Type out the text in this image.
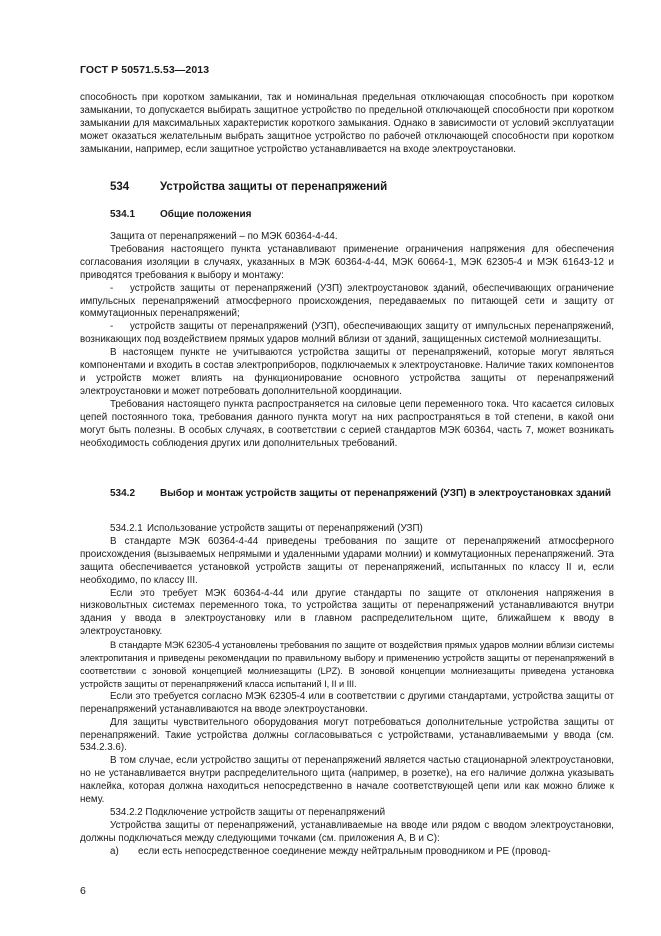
ГОСТ Р 50571.5.53—2013

способность при коротком замыкании, так и номинальная предельная отключающая способность при коротком замыкании, то допускается выбирать защитное устройство по предельной отключающей способности при коротком замыкании для максимальных характеристик короткого замыкания. Однако в зависимости от условий эксплуатации может оказаться желательным выбрать защитное устройство по рабочей отключающей способности при коротком замыкании, например, если защитное устройство устанавливается на входе электроустановки.

534	Устройства защиты от перенапряжений
534.1	Общие положения

Защита от перенапряжений – по МЭК 60364-4-44.

Требования настоящего пункта устанавливают применение ограничения напряжения для обеспечения согласования изоляции в случаях, указанных в МЭК 60364-4-44, МЭК 60664-1, МЭК 62305-4 и МЭК 61643-12 и приводятся требования к выбору и монтажу:

-	устройств защиты от перенапряжений (УЗП) электроустановок зданий, обеспечивающих ограничение импульсных перенапряжений атмосферного происхождения, передаваемых по питающей сети и защиту от коммутационных перенапряжений;
-	устройств защиты от перенапряжений (УЗП), обеспечивающих защиту от импульсных перенапряжений, возникающих под воздействием прямых ударов молний вблизи от зданий, защищенных системой молниезащиты.

В настоящем пункте не учитываются устройства защиты от перенапряжений, которые могут являться компонентами и входить в состав электроприборов, подключаемых к электроустановке. Наличие таких компонентов и устройств может влиять на функционирование основного устройства защиты от перенапряжений электроустановки и может потребовать дополнительной координации.

Требования настоящего пункта распространяется на силовые цепи переменного тока. Что касается силовых цепей постоянного тока, требования данного пункта могут на них распространяться в той степени, в какой они могут быть полезны. В особых случаях, в соответствии с серией стандартов МЭК 60364, часть 7, может возникать необходимость соблюдения других или дополнительных требований.

534.2	Выбор и монтаж устройств защиты от перенапряжений (УЗП) в электроустановках зданий
534.2.1 Использование устройств защиты от перенапряжений (УЗП)

В стандарте МЭК 60364-4-44 приведены требования по защите от перенапряжений атмосферного происхождения (вызываемых непрямыми и удаленными ударами молнии) и коммутационных перенапряжений. Эта защита обеспечивается установкой устройств защиты от перенапряжений, испытанных по классу II и, если необходимо, по классу III.

Если это требует МЭК 60364-4-44 или другие стандарты по защите от отклонения напряжения в низковольтных системах переменного тока, то устройства защиты от перенапряжений устанавливаются внутри здания у ввода в электроустановку или в главном распределительном щите, ближайшем к вводу в электроустановку.

В стандарте МЭК 62305-4 установлены требования по защите от воздействия прямых ударов молнии вблизи системы электропитания и приведены рекомендации по правильному выбору и применению устройств защиты от перенапряжений в соответствии с зоновой концепцией молниезащиты (LPZ). В зоновой концепции молниезащиты приведена установка устройств защиты от перенапряжений класса испытаний I, II и III.

Если это требуется согласно МЭК 62305-4 или в соответствии с другими стандартами, устройства защиты от перенапряжений устанавливаются на вводе электроустановки.

Для защиты чувствительного оборудования могут потребоваться дополнительные устройства защиты от перенапряжений. Такие устройства должны согласовываться с устройствами, устанавливаемыми у ввода (см. 534.2.3.6).

В том случае, если устройство защиты от перенапряжений является частью стационарной электроустановки, но не устанавливается внутри распределительного щита (например, в розетке), на его наличие должна указывать наклейка, которая должна находиться непосредственно в начале соответствующей цепи или как можно ближе к нему.

534.2.2 Подключение устройств защиты от перенапряжений

Устройства защиты от перенапряжений, устанавливаемые на вводе или рядом с вводом электроустановки, должны подключаться между следующими точками (см. приложения А, В и С):

а)	если есть непосредственное соединение между нейтральным проводником и PE (провод-
6
